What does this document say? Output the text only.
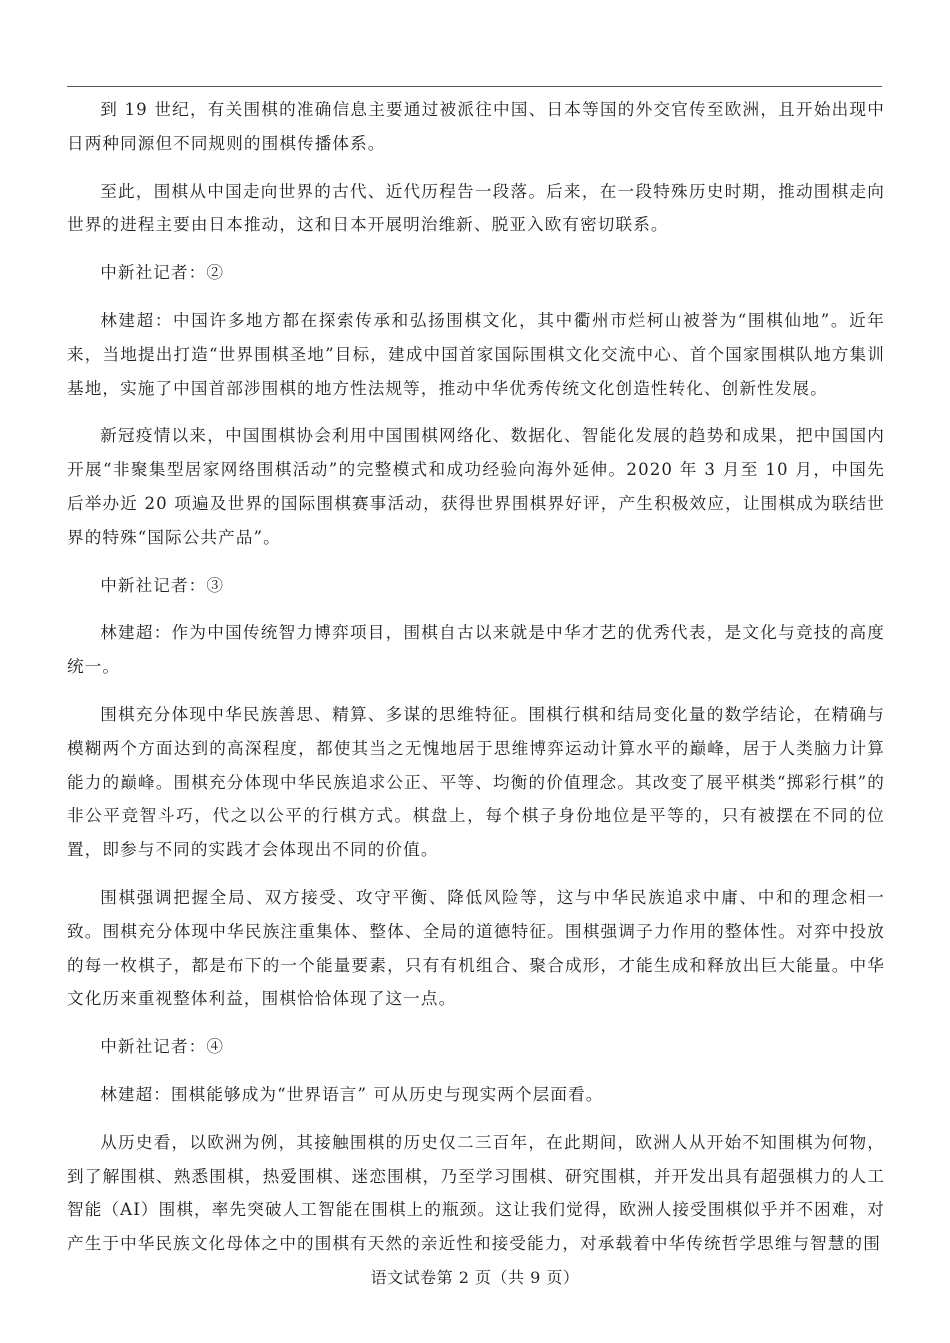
到 19 世纪，有关围棋的准确信息主要通过被派往中国、日本等国的外交官传至欧洲，且开始出现中日两种同源但不同规则的围棋传播体系。

至此，围棋从中国走向世界的古代、近代历程告一段落。后来，在一段特殊历史时期，推动围棋走向世界的进程主要由日本推动，这和日本开展明治维新、脱亚入欧有密切联系。

中新社记者：②

林建超：中国许多地方都在探索传承和弘扬围棋文化，其中衢州市烂柯山被誉为“围棋仙地”。近年来，当地提出打造“世界围棋圣地”目标，建成中国首家国际围棋文化交流中心、首个国家围棋队地方集训基地，实施了中国首部涉围棋的地方性法规等，推动中华优秀传统文化创造性转化、创新性发展。

新冠疫情以来，中国围棋协会利用中国围棋网络化、数据化、智能化发展的趋势和成果，把中国国内开展“非聚集型居家网络围棋活动”的完整模式和成功经验向海外延伸。2020 年 3 月至 10 月，中国先后举办近 20 项遍及世界的国际围棋赛事活动，获得世界围棋界好评，产生积极效应，让围棋成为联结世界的特殊“国际公共产品”。

中新社记者：③

林建超：作为中国传统智力博弈项目，围棋自古以来就是中华才艺的优秀代表，是文化与竞技的高度统一。

围棋充分体现中华民族善思、精算、多谋的思维特征。围棋行棋和结局变化量的数学结论，在精确与模糊两个方面达到的高深程度，都使其当之无愧地居于思维博弈运动计算水平的巅峰，居于人类脑力计算能力的巅峰。围棋充分体现中华民族追求公正、平等、均衡的价值理念。其改变了展平棋类“掷彩行棋”的非公平竞智斗巧，代之以公平的行棋方式。棋盘上，每个棋子身份地位是平等的，只有被摆在不同的位置，即参与不同的实践才会体现出不同的价值。

围棋强调把握全局、双方接受、攻守平衡、降低风险等，这与中华民族追求中庸、中和的理念相一致。围棋充分体现中华民族注重集体、整体、全局的道德特征。围棋强调子力作用的整体性。对弈中投放的每一枚棋子，都是布下的一个能量要素，只有有机组合、聚合成形，才能生成和释放出巨大能量。中华文化历来重视整体利益，围棋恰恰体现了这一点。

中新社记者：④

林建超：围棋能够成为“世界语言” 可从历史与现实两个层面看。

从历史看，以欧洲为例，其接触围棋的历史仅二三百年，在此期间，欧洲人从开始不知围棋为何物，到了解围棋、熟悉围棋，热爱围棋、迷恋围棋，乃至学习围棋、研究围棋，并开发出具有超强棋力的人工智能（AI）围棋，率先突破人工智能在围棋上的瓶颈。这让我们觉得，欧洲人接受围棋似乎并不困难，对产生于中华民族文化母体之中的围棋有天然的亲近性和接受能力，对承载着中华传统哲学思维与智慧的围

语文试卷第 2 页（共 9 页）
